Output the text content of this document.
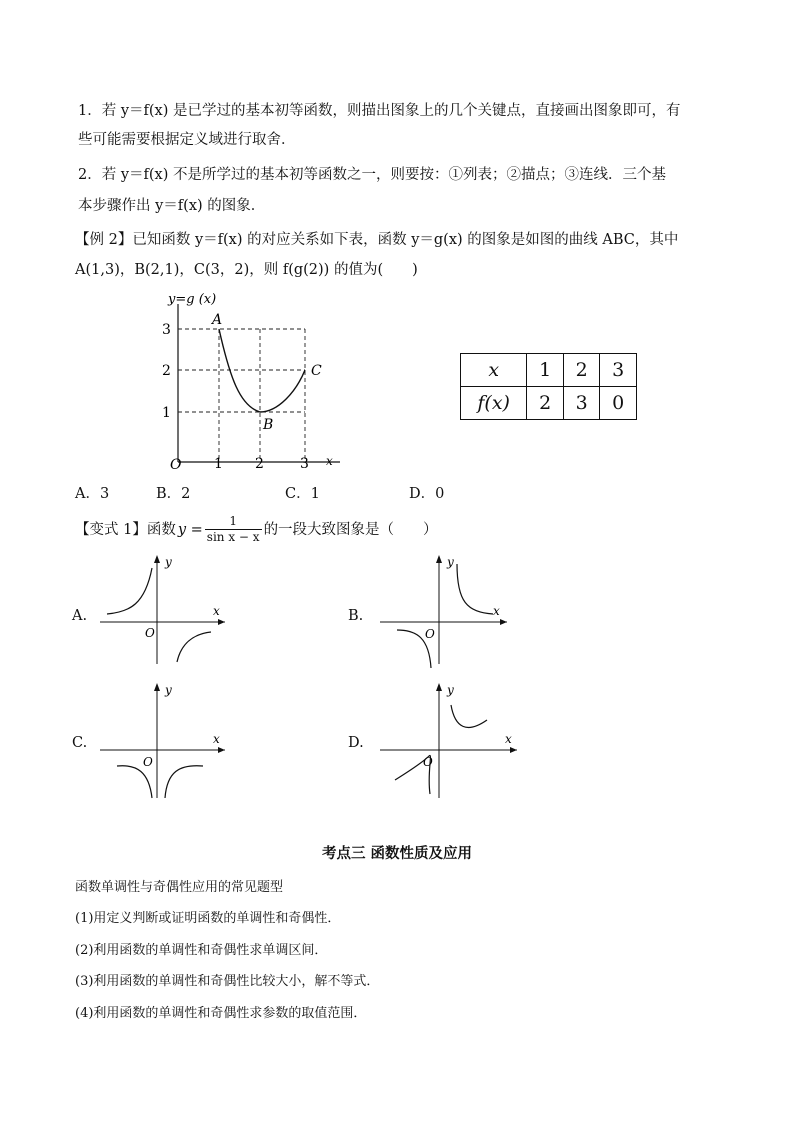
1．若 y＝f(x) 是已学过的基本初等函数，则描出图象上的几个关键点，直接画出图象即可，有
些可能需要根据定义域进行取舍．
2．若 y＝f(x) 不是所学过的基本初等函数之一，则要按：①列表；②描点；③连线．三个基
本步骤作出 y＝f(x) 的图象．
【例 2】已知函数 y＝f(x) 的对应关系如下表，函数 y＝g(x) 的图象是如图的曲线 ABC，其中
A(1,3)，B(2,1)，C(3，2)，则 f(g(2)) 的值为(　　)
y=g (x)
3
2
1
O 1 2	3 x
A
B
C	x	1	2	3
f(x)	2	3	0
A．3	B．2	C．1	D．0
【变式 1】函数 $y = \frac{1}{\text{sin x − x}}$ 的一段大致图象是（　　）
A.
y
x
O
B.
y
x
O
C.
y
x
O
D.
y
x
O
考点三 函数性质及应用
函数单调性与奇偶性应用的常见题型
(1)用定义判断或证明函数的单调性和奇偶性．
(2)利用函数的单调性和奇偶性求单调区间．
(3)利用函数的单调性和奇偶性比较大小，解不等式．
(4)利用函数的单调性和奇偶性求参数的取值范围．
